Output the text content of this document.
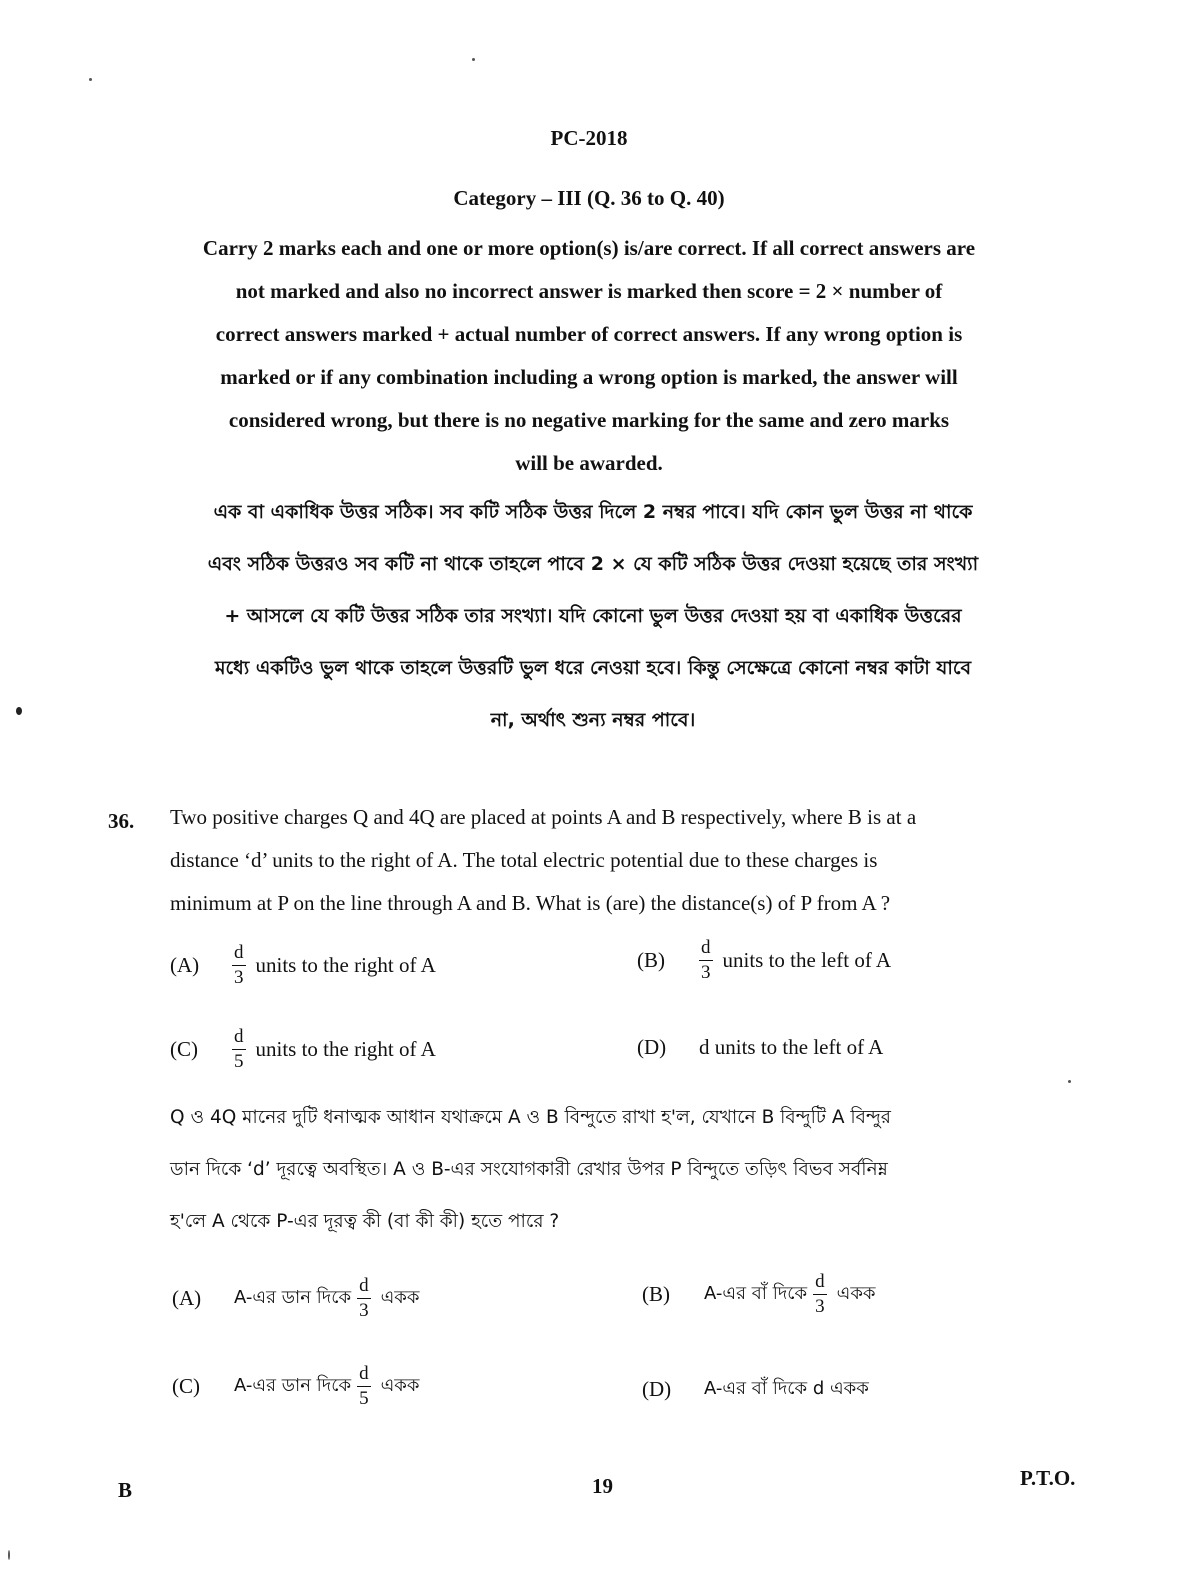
PC-2018
Category – III (Q. 36 to Q. 40)
Carry 2 marks each and one or more option(s) is/are correct. If all correct answers are
not marked and also no incorrect answer is marked then score = 2 × number of
correct answers marked + actual number of correct answers. If any wrong option is
marked or if any combination including a wrong option is marked, the answer will
considered wrong, but there is no negative marking for the same and zero marks
will be awarded.
এক বা একাধিক উত্তর সঠিক। সব কটি সঠিক উত্তর দিলে 2 নম্বর পাবে। যদি কোন ভুল উত্তর না থাকে
এবং সঠিক উত্তরও সব কটি না থাকে তাহলে পাবে 2 × যে কটি সঠিক উত্তর দেওয়া হয়েছে তার সংখ্যা
+ আসলে যে কটি উত্তর সঠিক তার সংখ্যা। যদি কোনো ভুল উত্তর দেওয়া হয় বা একাধিক উত্তরের
মধ্যে একটিও ভুল থাকে তাহলে উত্তরটি ভুল ধরে নেওয়া হবে। কিন্তু সেক্ষেত্রে কোনো নম্বর কাটা যাবে
না, অর্থাৎ শুন্য নম্বর পাবে।
36. Two positive charges Q and 4Q are placed at points A and B respectively, where B is at a
distance ‘d’ units to the right of A. The total electric potential due to these charges is
minimum at P on the line through A and B. What is (are) the distance(s) of P from A ?
(A)	$\frac{d}{3}$ units to the right of A	(B)	$\frac{d}{3}$ units to the left of A
(C)	$\frac{d}{5}$ units to the right of A	(D)	d units to the left of A
Q ও 4Q মানের দুটি ধনাত্মক আধান যথাক্রমে A ও B বিন্দুতে রাখা হ'ল, যেখানে B বিন্দুটি A বিন্দুর
ডান দিকে ‘d’ দূরত্বে অবস্থিত। A ও B-এর সংযোগকারী রেখার উপর P বিন্দুতে তড়িৎ বিভব সর্বনিম্ন
হ'লে A থেকে P-এর দূরত্ব কী (বা কী কী) হতে পারে ?
(A)	A-এর ডান দিকে $\frac{d}{3}$ একক	(B)	A-এর বাঁ দিকে $\frac{d}{3}$ একক
(C)	A-এর ডান দিকে $\frac{d}{5}$ একক	(D)	A-এর বাঁ দিকে d একক
B	19	P.T.O.
